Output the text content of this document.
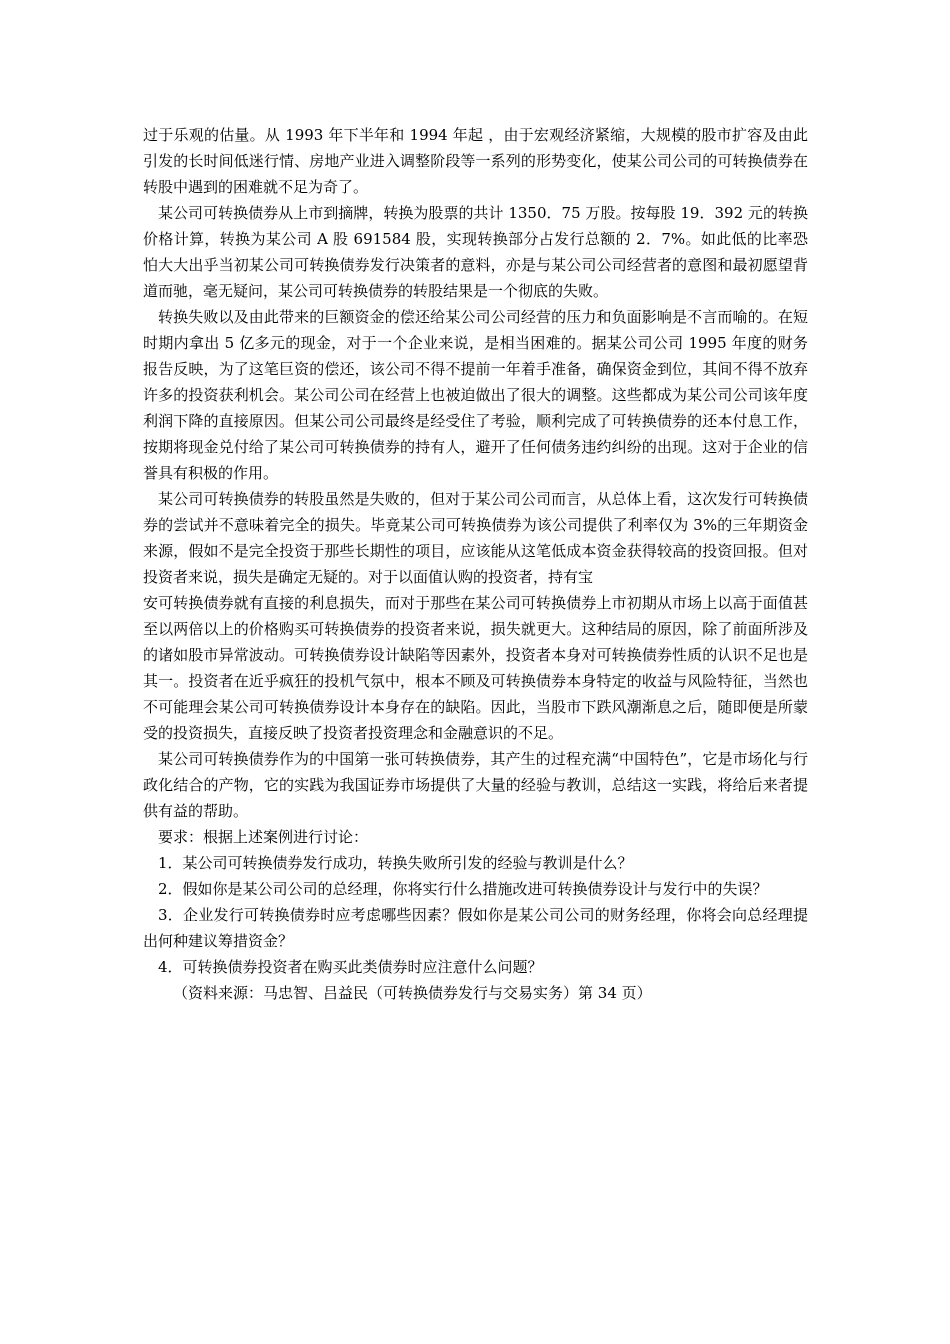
过于乐观的估量。从 1993 年下半年和 1994 年起 ，由于宏观经济紧缩，大规模的股市扩容及由此引发的长时间低迷行情、房地产业进入调整阶段等一系列的形势变化，使某公司公司的可转换债券在转股中遇到的困难就不足为奇了。

某公司可转换债券从上市到摘牌，转换为股票的共计 1350．75 万股。按每股 19．392 元的转换价格计算，转换为某公司 A 股 691584 股，实现转换部分占发行总额的 2．7%。如此低的比率恐怕大大出乎当初某公司可转换债券发行决策者的意料，亦是与某公司公司经营者的意图和最初愿望背道而驰，毫无疑问，某公司可转换债券的转股结果是一个彻底的失败。

转换失败以及由此带来的巨额资金的偿还给某公司公司经营的压力和负面影响是不言而喻的。在短时期内拿出 5 亿多元的现金，对于一个企业来说，是相当困难的。据某公司公司 1995 年度的财务报告反映，为了这笔巨资的偿还，该公司不得不提前一年着手准备，确保资金到位，其间不得不放弃许多的投资获利机会。某公司公司在经营上也被迫做出了很大的调整。这些都成为某公司公司该年度利润下降的直接原因。但某公司公司最终是经受住了考验，顺利完成了可转换债券的还本付息工作，按期将现金兑付给了某公司可转换债券的持有人，避开了任何债务违约纠纷的出现。这对于企业的信誉具有积极的作用。

某公司可转换债券的转股虽然是失败的，但对于某公司公司而言，从总体上看，这次发行可转换债券的尝试并不意味着完全的损失。毕竟某公司可转换债券为该公司提供了利率仅为 3%的三年期资金来源，假如不是完全投资于那些长期性的项目，应该能从这笔低成本资金获得较高的投资回报。但对投资者来说，损失是确定无疑的。对于以面值认购的投资者，持有宝

安可转换债券就有直接的利息损失，而对于那些在某公司可转换债券上市初期从市场上以高于面值甚至以两倍以上的价格购买可转换债券的投资者来说，损失就更大。这种结局的原因，除了前面所涉及的诸如股市异常波动。可转换债券设计缺陷等因素外，投资者本身对可转换债券性质的认识不足也是其一。投资者在近乎疯狂的投机气氛中，根本不顾及可转换债券本身特定的收益与风险特征，当然也不可能理会某公司可转换债券设计本身存在的缺陷。因此，当股市下跌风潮渐息之后，随即便是所蒙受的投资损失，直接反映了投资者投资理念和金融意识的不足。

某公司可转换债券作为的中国第一张可转换债券，其产生的过程充满“中国特色”，它是市场化与行政化结合的产物，它的实践为我国证券市场提供了大量的经验与教训，总结这一实践，将给后来者提供有益的帮助。

要求：根据上述案例进行讨论：

1．某公司可转换债券发行成功，转换失败所引发的经验与教训是什么？

2．假如你是某公司公司的总经理，你将实行什么措施改进可转换债券设计与发行中的失误？

3．企业发行可转换债券时应考虑哪些因素？假如你是某公司公司的财务经理，你将会向总经理提出何种建议筹措资金？

4．可转换债券投资者在购买此类债券时应注意什么问题？

（资料来源：马忠智、吕益民（可转换债券发行与交易实务）第 34 页）
